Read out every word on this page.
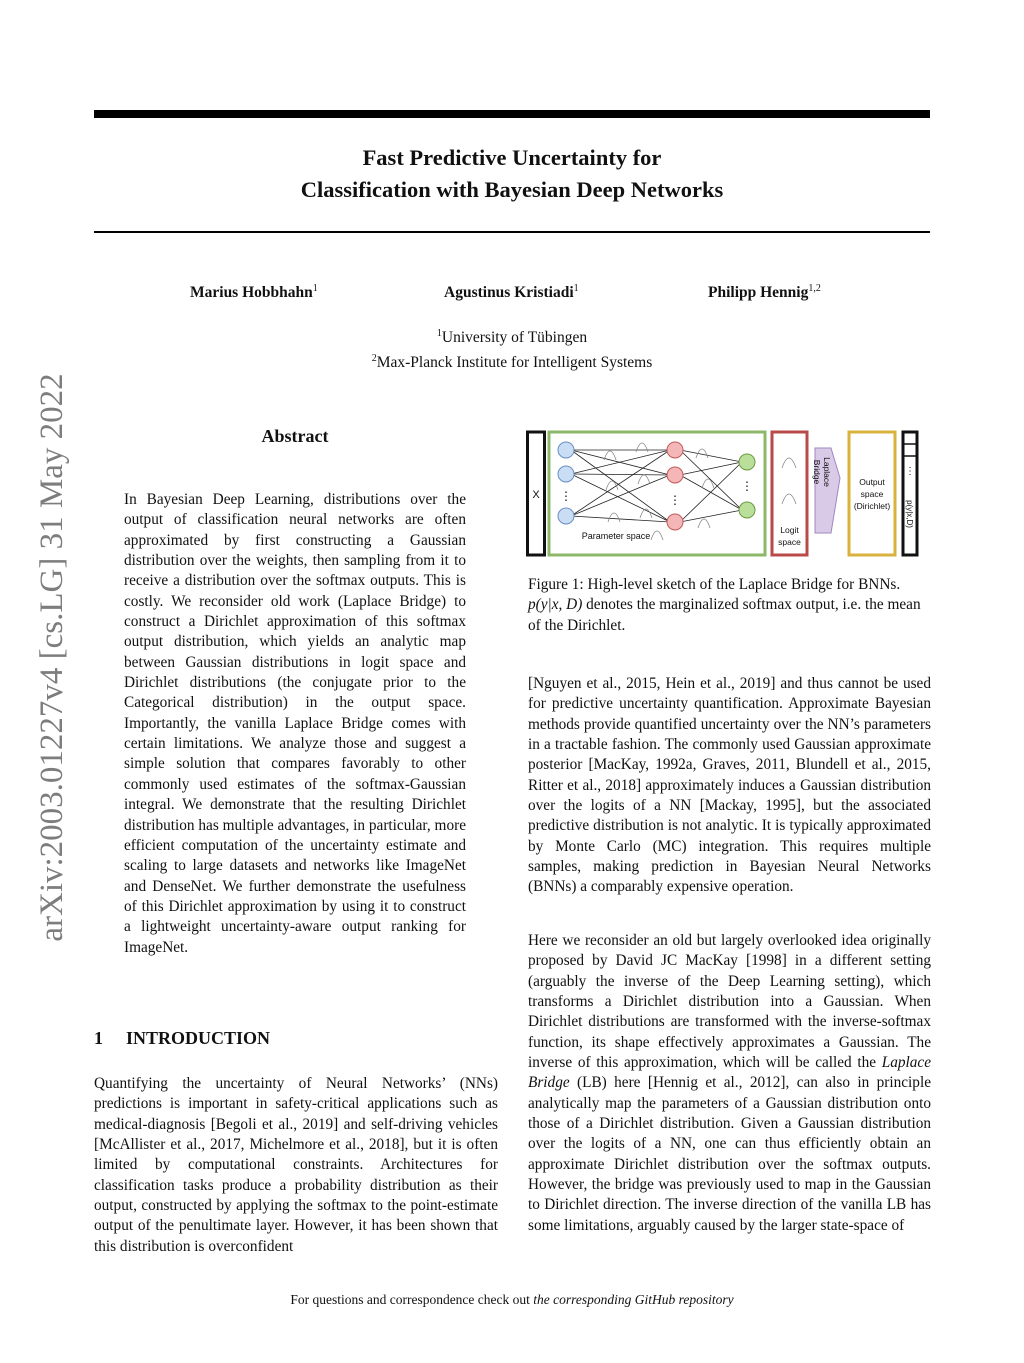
arXiv:2003.01227v4 [cs.LG] 31 May 2022
Fast Predictive Uncertainty for
Classification with Bayesian Deep Networks
Marius Hobbhahn$^1$	Agustinus Kristiadi$^1$	Philipp Hennig$^{1,2}$
$^1$University of Tübingen
$^2$Max-Planck Institute for Intelligent Systems
Abstract
In Bayesian Deep Learning, distributions over the output of classification neural networks are often approximated by first constructing a Gaussian distribution over the weights, then sampling from it to receive a distribution over the softmax outputs. This is costly. We reconsider old work (Laplace Bridge) to construct a Dirichlet approximation of this softmax output distribution, which yields an analytic map between Gaussian distributions in logit space and Dirichlet distributions (the conjugate prior to the Categorical distribution) in the output space. Importantly, the vanilla Laplace Bridge comes with certain limitations. We analyze those and suggest a simple solution that compares favorably to other commonly used estimates of the softmax-Gaussian integral. We demonstrate that the resulting Dirichlet distribution has multiple advantages, in particular, more efficient computation of the uncertainty estimate and scaling to large datasets and networks like ImageNet and DenseNet. We further demonstrate the usefulness of this Dirichlet approximation by using it to construct a lightweight uncertainty-aware output ranking for ImageNet.
1 INTRODUCTION
Quantifying the uncertainty of Neural Networks’ (NNs) predictions is important in safety-critical applications such as medical-diagnosis [Begoli et al., 2019] and self-driving vehicles [McAllister et al., 2017, Michelmore et al., 2018], but it is often limited by computational constraints. Architectures for classification tasks produce a probability distribution as their output, constructed by applying the softmax to the point-estimate output of the penultimate layer. However, it has been shown that this distribution is overconfident
X ⋮	⋮
⋮
Parameter space
Logit
space
Laplace
Bridge	Output
space
(Dirichlet)
⋮
p(y|x,D)
Figure 1: High-level sketch of the Laplace Bridge for BNNs. p(y|x, D) denotes the marginalized softmax output, i.e. the mean of the Dirichlet.
[Nguyen et al., 2015, Hein et al., 2019] and thus cannot be used for predictive uncertainty quantification. Approximate Bayesian methods provide quantified uncertainty over the NN’s parameters in a tractable fashion. The commonly used Gaussian approximate posterior [MacKay, 1992a, Graves, 2011, Blundell et al., 2015, Ritter et al., 2018] approximately induces a Gaussian distribution over the logits of a NN [Mackay, 1995], but the associated predictive distribution is not analytic. It is typically approximated by Monte Carlo (MC) integration. This requires multiple samples, making prediction in Bayesian Neural Networks (BNNs) a comparably expensive operation.
Here we reconsider an old but largely overlooked idea originally proposed by David JC MacKay [1998] in a different setting (arguably the inverse of the Deep Learning setting), which transforms a Dirichlet distribution into a Gaussian. When Dirichlet distributions are transformed with the inverse-softmax function, its shape effectively approximates a Gaussian. The inverse of this approximation, which will be called the Laplace Bridge (LB) here [Hennig et al., 2012], can also in principle analytically map the parameters of a Gaussian distribution onto those of a Dirichlet distribution. Given a Gaussian distribution over the logits of a NN, one can thus efficiently obtain an approximate Dirichlet distribution over the softmax outputs. However, the bridge was previously used to map in the Gaussian to Dirichlet direction. The inverse direction of the vanilla LB has some limitations, arguably caused by the larger state-space of
For questions and correspondence check out the corresponding GitHub repository
